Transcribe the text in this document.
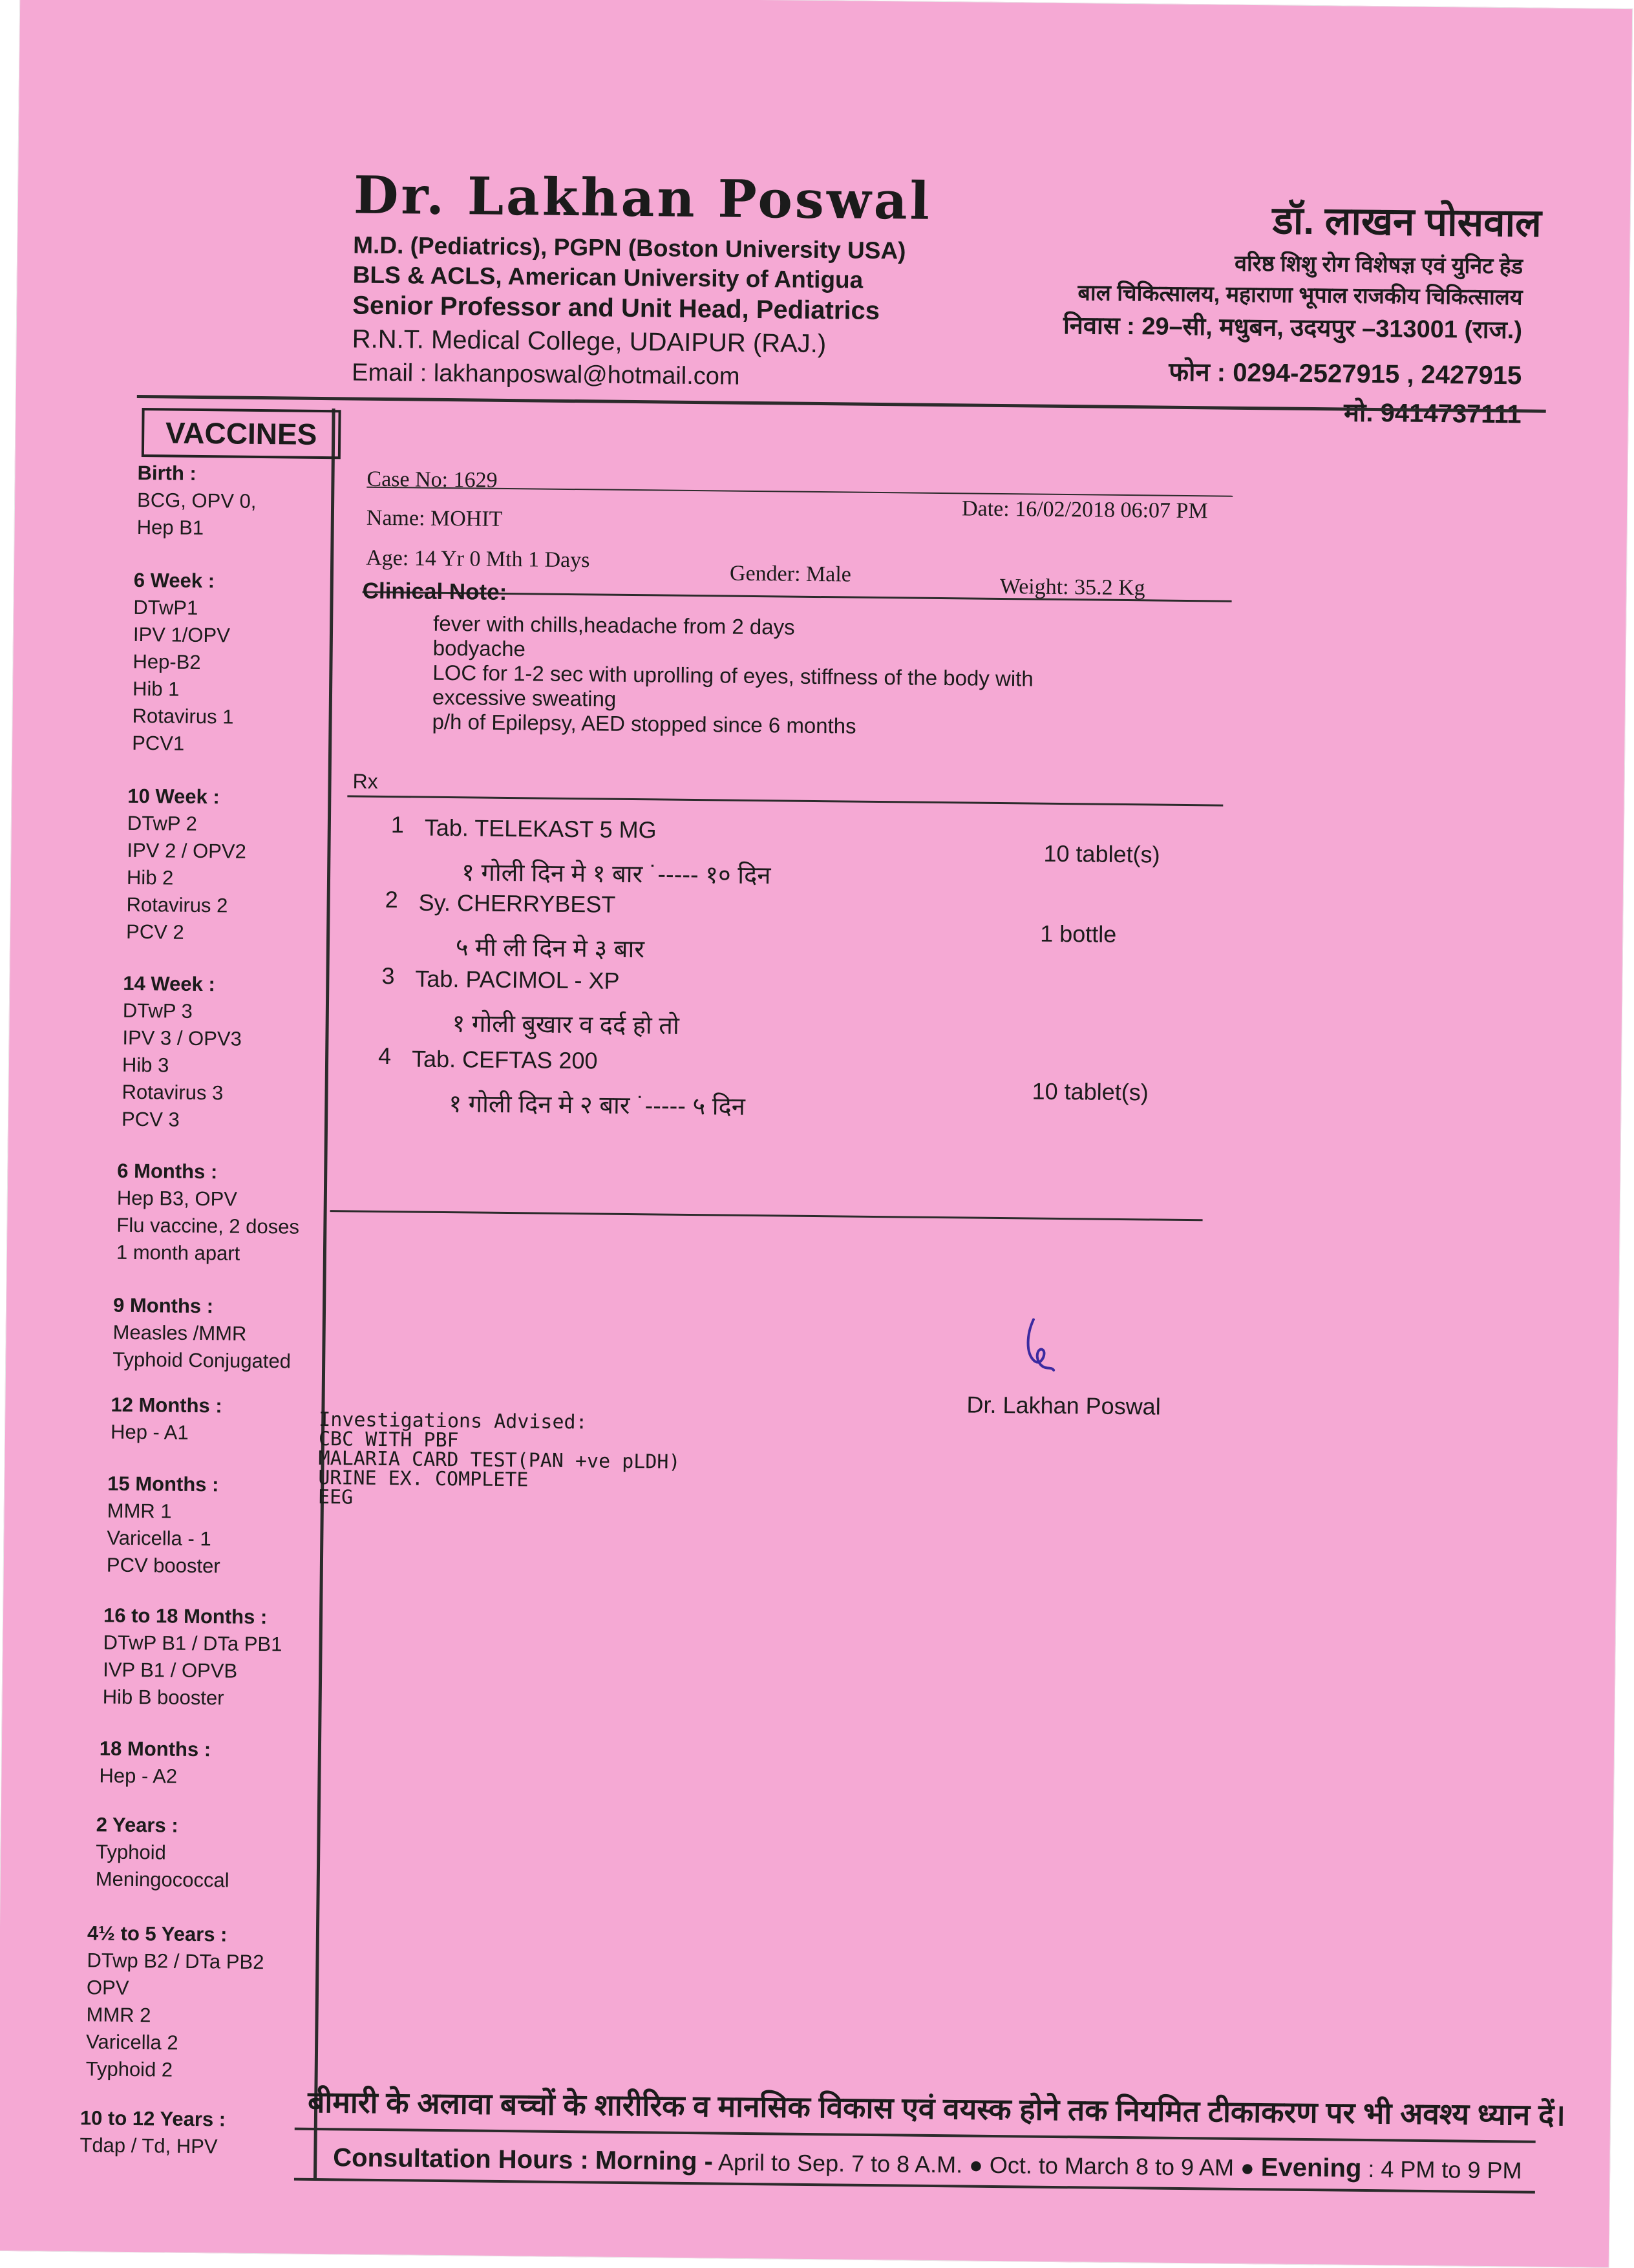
Dr. Lakhan Poswal
M.D. (Pediatrics), PGPN (Boston University USA)
BLS & ACLS, American University of Antigua
Senior Professor and Unit Head, Pediatrics
R.N.T. Medical College, UDAIPUR (RAJ.)
Email : lakhanposwal@hotmail.com
डॉ. लाखन पोसवाल
वरिष्ठ शिशु रोग विशेषज्ञ एवं युनिट हेड
बाल चिकित्सालय, महाराणा भूपाल राजकीय चिकित्सालय
निवास : 29–सी, मधुबन, उदयपुर –313001 (राज.)
फोन : 0294-2527915 , 2427915
मो. 9414737111
VACCINES
Birth :
BCG, OPV 0,
Hep B1
6 Week :
DTwP1
IPV 1/OPV
Hep-B2
Hib 1
Rotavirus 1
PCV1
10 Week :
DTwP 2
IPV 2 / OPV2
Hib 2
Rotavirus 2
PCV 2
14 Week :
DTwP 3
IPV 3 / OPV3
Hib 3
Rotavirus 3
PCV 3
6 Months :
Hep B3, OPV
Flu vaccine, 2 doses
1 month apart
9 Months :
Measles /MMR
Typhoid Conjugated
12 Months :
Hep - A1
15 Months :
MMR 1
Varicella - 1
PCV booster
16 to 18 Months :
DTwP B1 / DTa PB1
IVP B1 / OPVB
Hib B booster
18 Months :
Hep - A2
2 Years :
Typhoid
Meningococcal
4½ to 5 Years :
DTwp B2 / DTa PB2
OPV
MMR 2
Varicella 2
Typhoid 2
10 to 12 Years :
Tdap / Td, HPV
Case No: 1629
Date: 16/02/2018 06:07 PM
Name: MOHIT
Age: 14 Yr 0 Mth 1 Days
Gender: Male
Weight: 35.2 Kg
Clinical Note:
fever with chills,headache from 2 days
bodyache
LOC for 1-2 sec with uprolling of eyes, stiffness of the body with
excessive sweating
p/h of Epilepsy, AED stopped since 6 months
Rx
1 Tab. TELEKAST 5 MG
१ गोली दिन मे १ बार ˙----- १० दिन
10 tablet(s)
2 Sy. CHERRYBEST
५ मी ली दिन मे ३ बार
1 bottle
3 Tab. PACIMOL - XP
१ गोली बुखार व दर्द हो तो
4 Tab. CEFTAS 200
१ गोली दिन मे २ बार ˙----- ५ दिन	10 tablet(s)
Dr. Lakhan Poswal
Investigations Advised:
CBC WITH PBF
MALARIA CARD TEST(PAN +ve pLDH)
URINE EX. COMPLETE
EEG
बीमारी के अलावा बच्चों के शारीरिक व मानसिक विकास एवं वयस्क होने तक नियमित टीकाकरण पर भी अवश्य ध्यान दें।
Consultation Hours : Morning - April to Sep. 7 to 8 A.M. ● Oct. to March 8 to 9 AM ● Evening : 4 PM to 9 PM
